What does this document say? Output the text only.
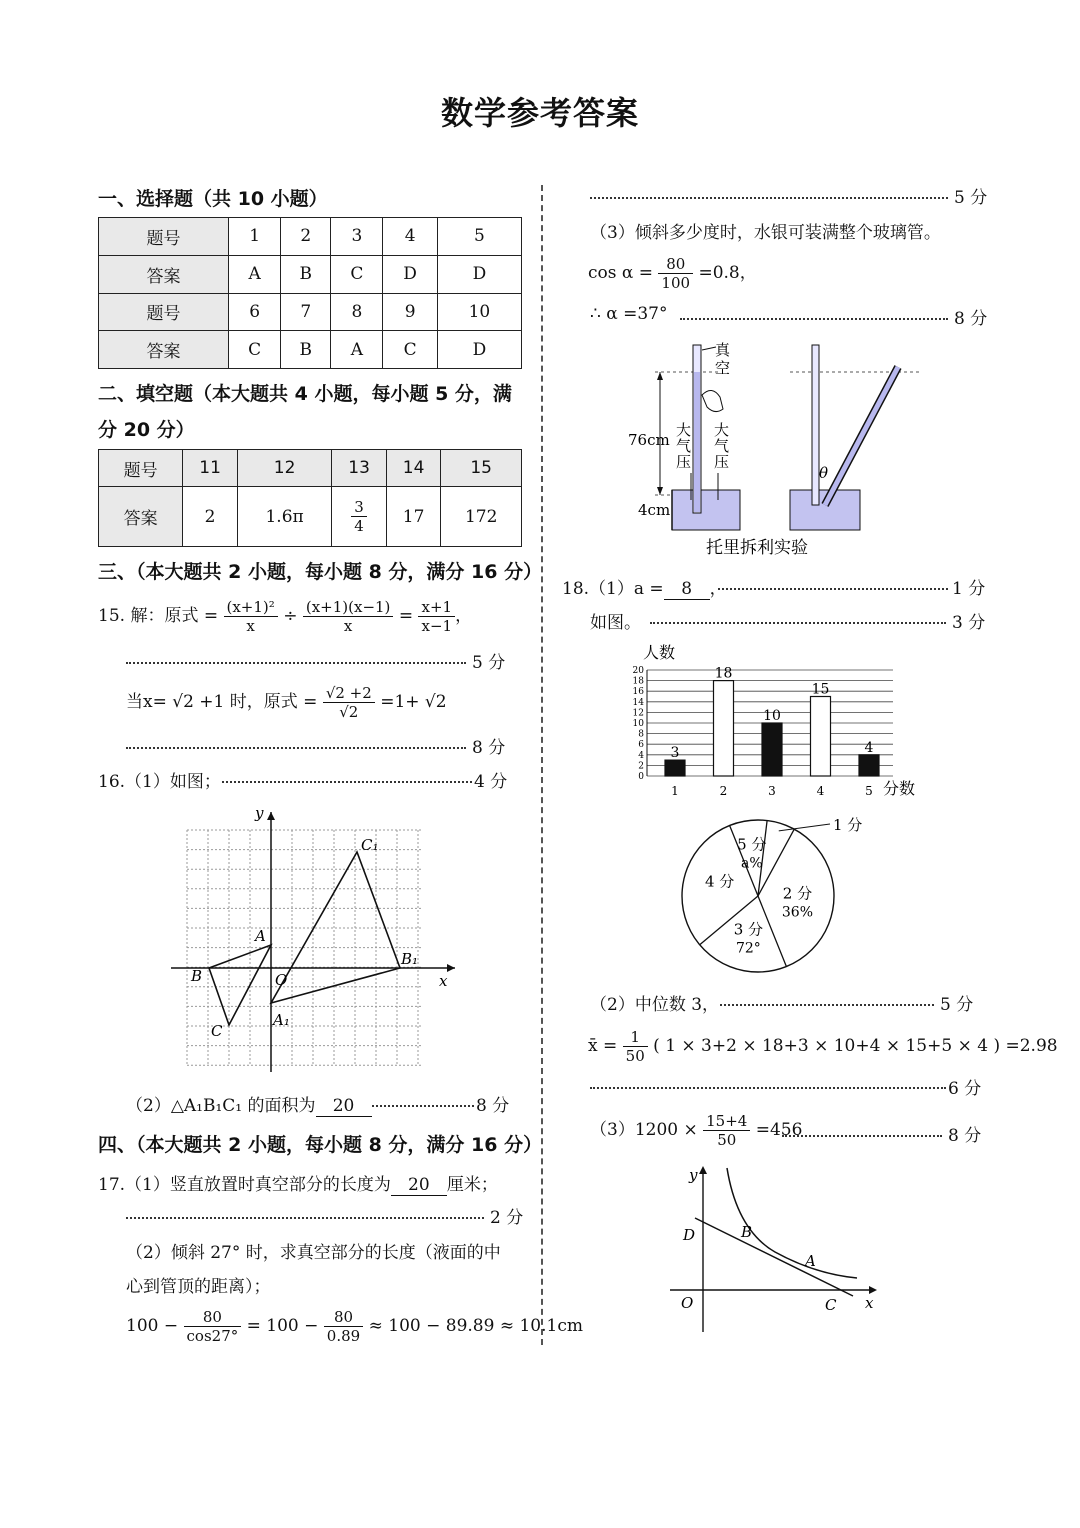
数学参考答案
一、选择题（共 10 小题）
题号	1	2	3	4	5
答案	A	B	C	D	D
题号	6	7	8	9	10
答案	C	B	A	C	D
二、填空题（本大题共 4 小题，每小题 5 分，满
分 20 分）
题号	11	12	13	14	15
答案	2	1.6π	$\frac{3}{4}$	17	172
三、（本大题共 2 小题，每小题 8 分，满分 16 分）
15. 解：原式 = $\frac{\text{(x+1)²}}{x} \div \frac{(x+1)(x-1)}{x} = \frac{x+1}{x-1}$ ，
5 分
当x= √2 +1 时，原式 = $\frac{√2 +2}{√2} =1+ √2$
8 分
16.（1）如图；	4 分
y
x
O
A
B
C
A₁
B₁
C₁
（2）△A₁B₁C₁ 的面积为 20	8 分
四、（本大题共 2 小题，每小题 8 分，满分 16 分）
17.（1）竖直放置时真空部分的长度为 20 厘米；
2 分
（2）倾斜 27° 时，求真空部分的长度（液面的中
心到管顶的距离）；
$100 - \frac{80}{\cos 27^\circ} = 100 - \frac{80}{0.89} \approx 100 - 89.89 \approx 10.1cm$
5 分
（3）倾斜多少度时，水银可装满整个玻璃管。
$\cos \alpha = \frac{80}{100} =0.8$，
∴ α =37°	8 分
76cm
4cm
真空
大气压
大气压
θ
托里拆利实验
18.（1）a = 8 ，	1 分
如图。	3 分
0
2
4
6
8
10
12
14
16
18
20
3
18
10
15
4
1	2	3	4	5
人数
分数
1 分
2 分
36%
3 分
72°
4 分
5 分
a%
（2）中位数 3，	5 分
x̄ = $\frac{1}{50}$ ( 1 × 3+2 × 18+3 × 10+4 × 15+5 × 4 ) =2.98
6 分
$(3)1200 \times \frac{15+4}{50} =456$	8 分
y
x
O
D	B
A
C
